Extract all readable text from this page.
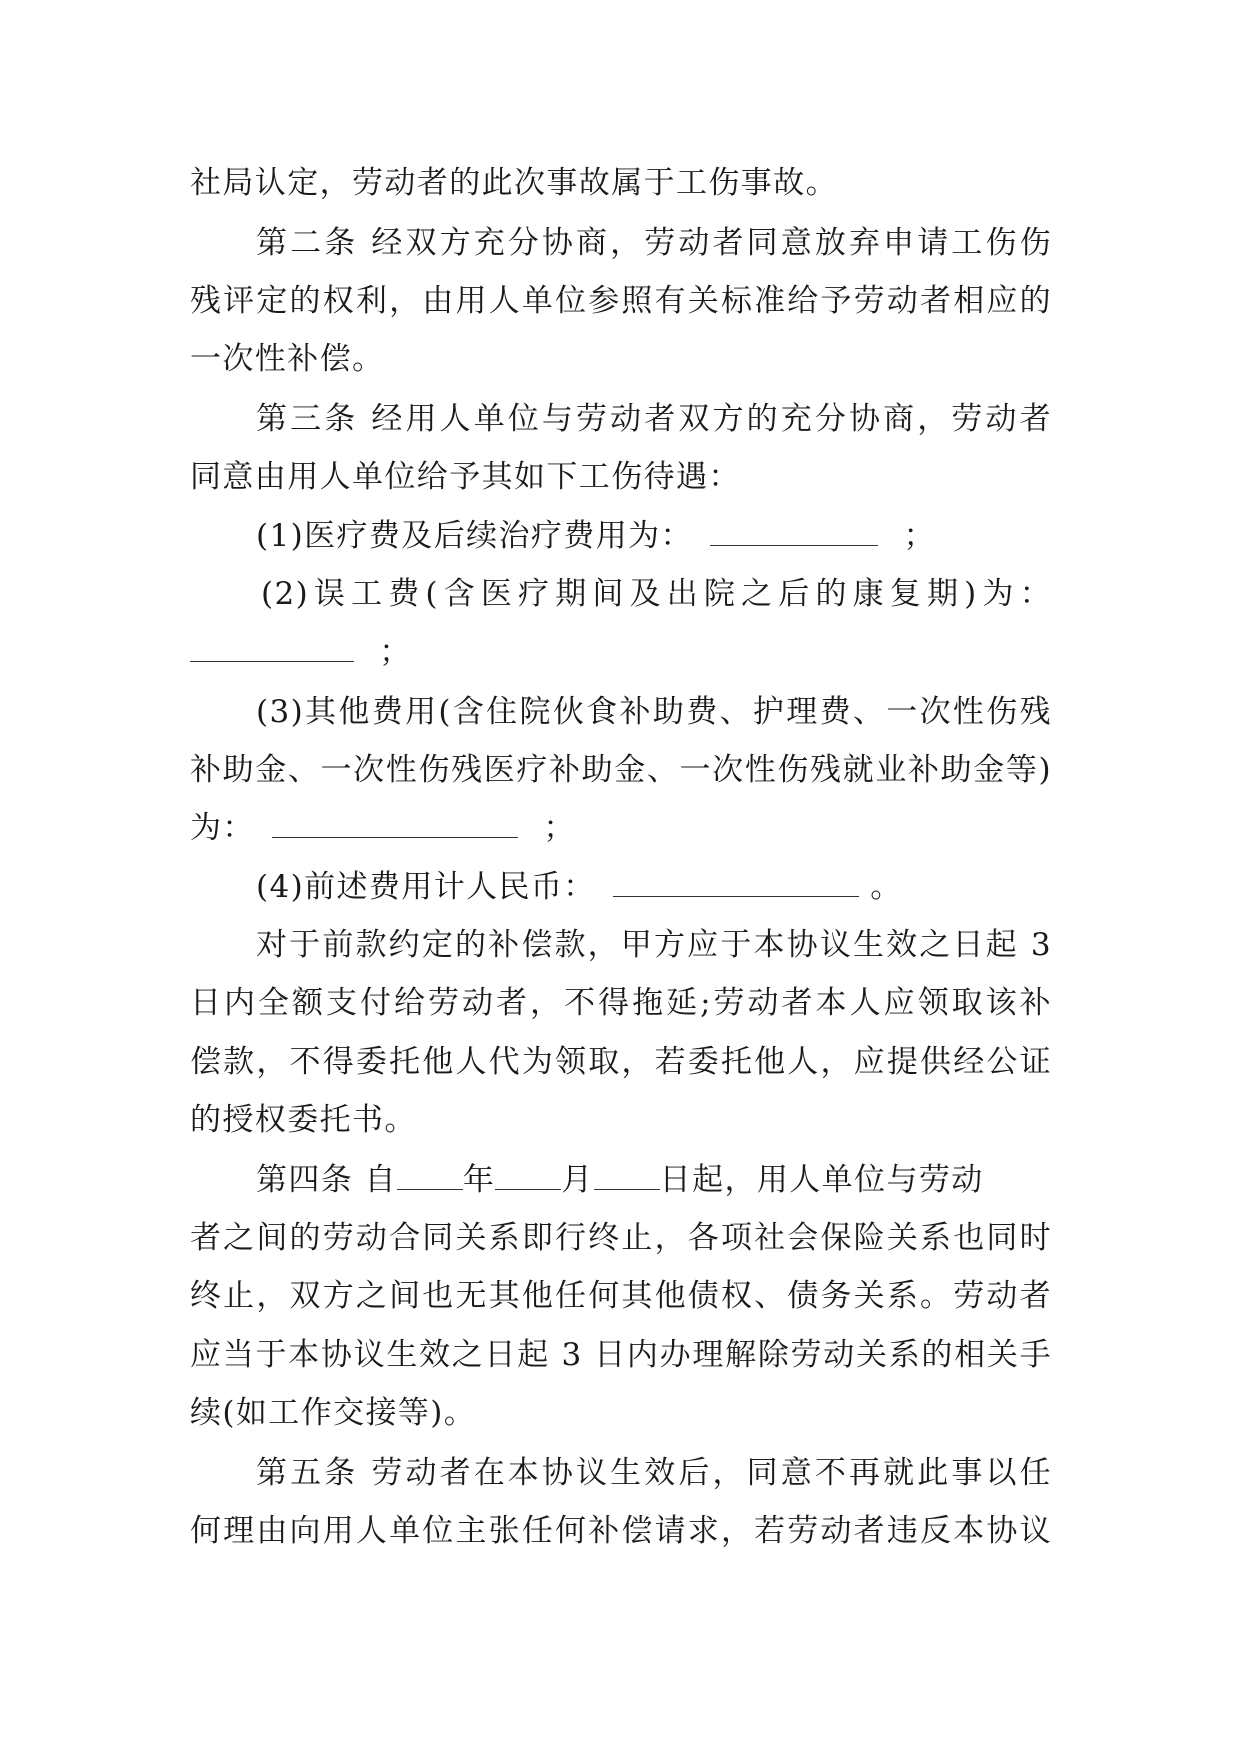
社局认定，劳动者的此次事故属于工伤事故。
第二条 经双方充分协商，劳动者同意放弃申请工伤伤
残评定的权利，由用人单位参照有关标准给予劳动者相应的
一次性补偿。
第三条 经用人单位与劳动者双方的充分协商，劳动者
同意由用人单位给予其如下工伤待遇：
(1)医疗费及后续治疗费用为：	；
(2)误工费(含医疗期间及出院之后的康复期)为：
；
(3)其他费用(含住院伙食补助费、护理费、一次性伤残
补助金、一次性伤残医疗补助金、一次性伤残就业补助金等)
为：	；
(4)前述费用计人民币：	。
对于前款约定的补偿款，甲方应于本协议生效之日起 3
日内全额支付给劳动者，不得拖延;劳动者本人应领取该补
偿款，不得委托他人代为领取，若委托他人，应提供经公证
的授权委托书。
第四条 自 年 月 日起，用人单位与劳动
者之间的劳动合同关系即行终止，各项社会保险关系也同时
终止，双方之间也无其他任何其他债权、债务关系。劳动者
应当于本协议生效之日起 3 日内办理解除劳动关系的相关手
续(如工作交接等)。
第五条 劳动者在本协议生效后，同意不再就此事以任
何理由向用人单位主张任何补偿请求，若劳动者违反本协议
